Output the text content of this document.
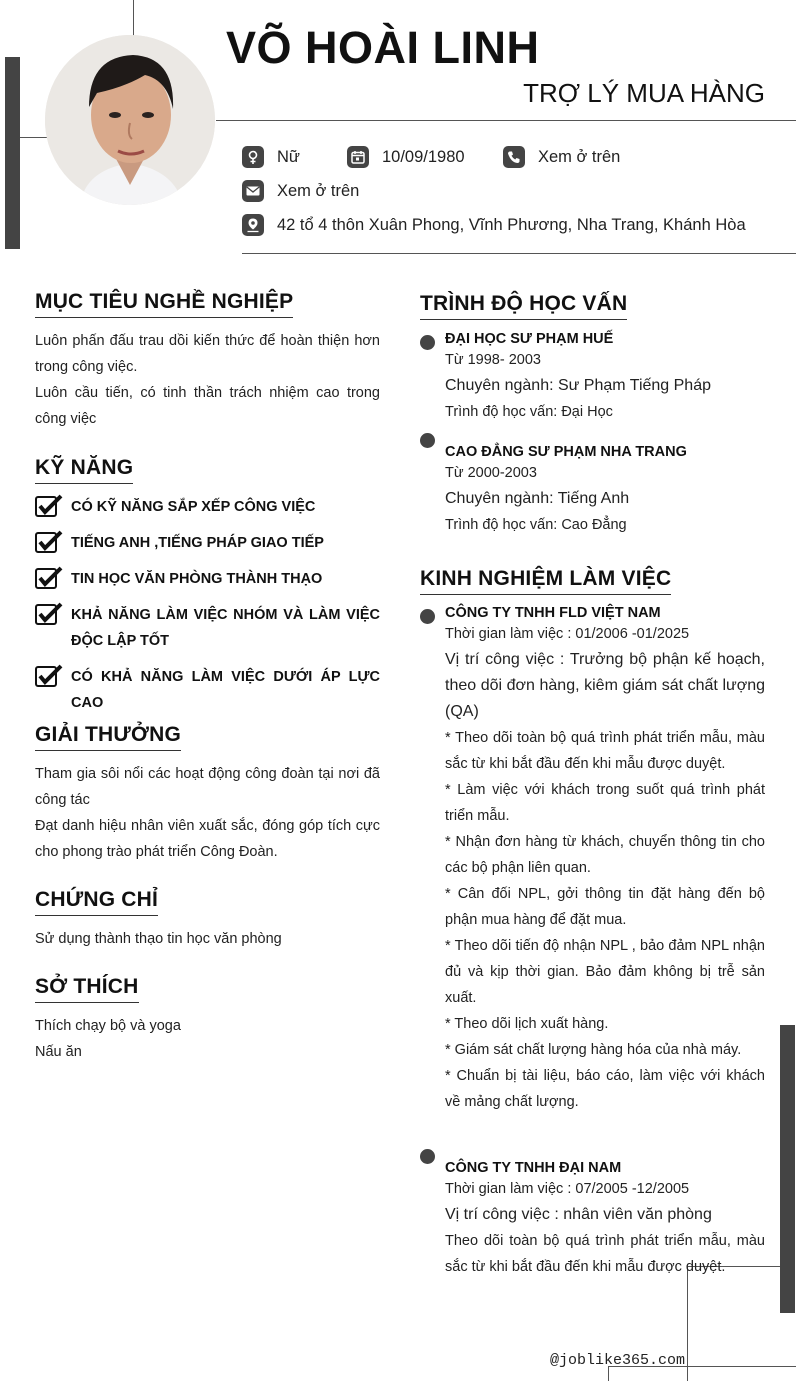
VÕ HOÀI LINH
TRỢ LÝ MUA HÀNG
Nữ	10/09/1980	Xem ở trên
Xem ở trên
42 tổ 4 thôn Xuân Phong, Vĩnh Phương, Nha Trang, Khánh Hòa
MỤC TIÊU NGHỀ NGHIỆP
Luôn phấn đấu trau dồi kiến thức để hoàn thiện hơn trong công việc.
Luôn cầu tiến, có tinh thần trách nhiệm cao trong công việc
KỸ NĂNG
CÓ KỸ NĂNG SẮP XẾP CÔNG VIỆC
TIẾNG ANH ,TIẾNG PHÁP GIAO TIẾP
TIN HỌC VĂN PHÒNG THÀNH THẠO
KHẢ NĂNG LÀM VIỆC NHÓM VÀ LÀM VIỆC ĐỘC LẬP TỐT
CÓ KHẢ NĂNG LÀM VIỆC DƯỚI ÁP LỰC CAO
GIẢI THƯỞNG
Tham gia sôi nổi các hoạt động công đoàn tại nơi đã công tác
Đạt danh hiệu nhân viên xuất sắc, đóng góp tích cực cho phong trào phát triển Công Đoàn.
CHỨNG CHỈ
Sử dụng thành thạo tin học văn phòng
SỞ THÍCH
Thích chạy bộ và yoga
Nấu ăn
TRÌNH ĐỘ HỌC VẤN
ĐẠI HỌC SƯ PHẠM HUẾ
Từ 1998- 2003
Chuyên ngành: Sư Phạm Tiếng Pháp
Trình độ học vấn: Đại Học
CAO ĐẲNG SƯ PHẠM NHA TRANG
Từ 2000-2003
Chuyên ngành: Tiếng Anh
Trình độ học vấn: Cao Đẳng
KINH NGHIỆM LÀM VIỆC
CÔNG TY TNHH FLD VIỆT NAM
Thời gian làm việc : 01/2006 -01/2025
Vị trí công việc : Trưởng bộ phận kế hoạch, theo dõi đơn hàng, kiêm giám sát chất lượng (QA)
* Theo dõi toàn bộ quá trình phát triển mẫu, màu sắc từ khi bắt đầu đến khi mẫu được duyệt.
* Làm việc với khách trong suốt quá trình phát triển mẫu.
* Nhận đơn hàng từ khách, chuyển thông tin cho các bộ phận liên quan.
* Cân đối NPL, gởi thông tin đặt hàng đến bộ phận mua hàng để đặt mua.
* Theo dõi tiến độ nhận NPL , bảo đảm NPL nhận đủ và kịp thời gian. Bảo đảm không bị trễ sản xuất.
* Theo dõi lịch xuất hàng.
* Giám sát chất lượng hàng hóa của nhà máy.
* Chuẩn bị tài liệu, báo cáo, làm việc với khách về mảng chất lượng.
CÔNG TY TNHH ĐẠI NAM
Thời gian làm việc : 07/2005 -12/2005
Vị trí công việc : nhân viên văn phòng
Theo dõi toàn bộ quá trình phát triển mẫu, màu sắc từ khi bắt đầu đến khi mẫu được duyệt.
@joblike365.com
